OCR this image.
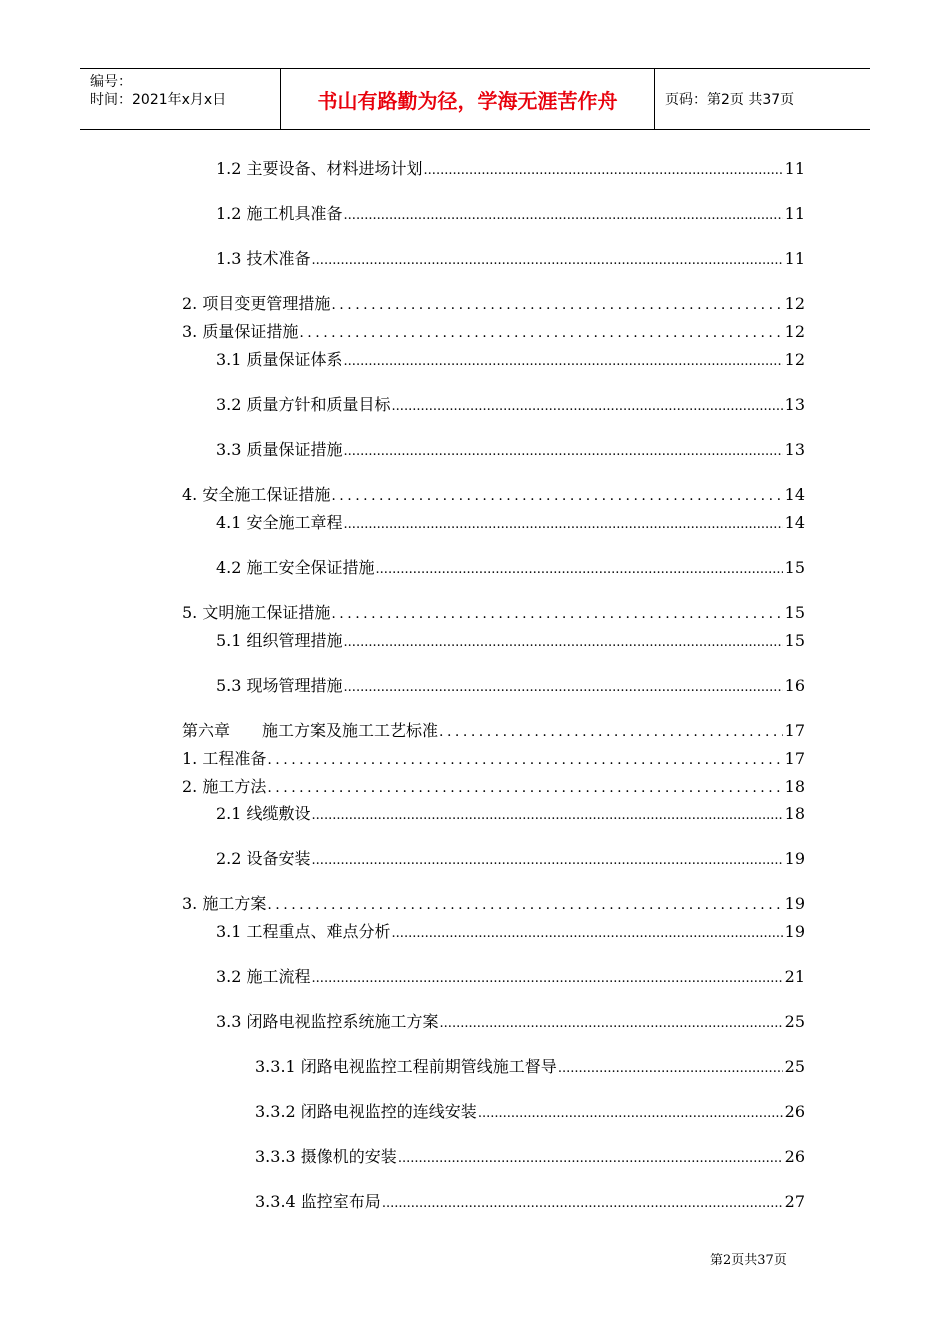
编号：
时间：2021年x月x日	书山有路勤为径，学海无涯苦作舟	页码：第2页 共37页
1.2 主要设备、材料进场计划 .....	11
1.2 施工机具准备 .....	11
1.3 技术准备 .....	11
2. 项目变更管理措施 .....	12
3. 质量保证措施 .....	12
3.1 质量保证体系 .....	12
3.2 质量方针和质量目标 .....	13
3.3 质量保证措施 .....	13
4. 安全施工保证措施 .....	14
4.1 安全施工章程 .....	14
4.2 施工安全保证措施 .....	15
5. 文明施工保证措施 .....	15
5.1 组织管理措施 .....	15
5.3 现场管理措施 .....	16
第六章　　施工方案及施工工艺标准 .....	17
1. 工程准备 .....	17
2. 施工方法 .....	18
2.1 线缆敷设 .....	18
2.2 设备安装 .....	19
3. 施工方案 .....	19
3.1 工程重点、难点分析 .....	19
3.2 施工流程 .....	21
3.3 闭路电视监控系统施工方案 .....	25
3.3.1 闭路电视监控工程前期管线施工督导 .....	25
3.3.2 闭路电视监控的连线安装 .....	26
3.3.3 摄像机的安装 .....	26
3.3.4 监控室布局 .....	27
第2页共37页
